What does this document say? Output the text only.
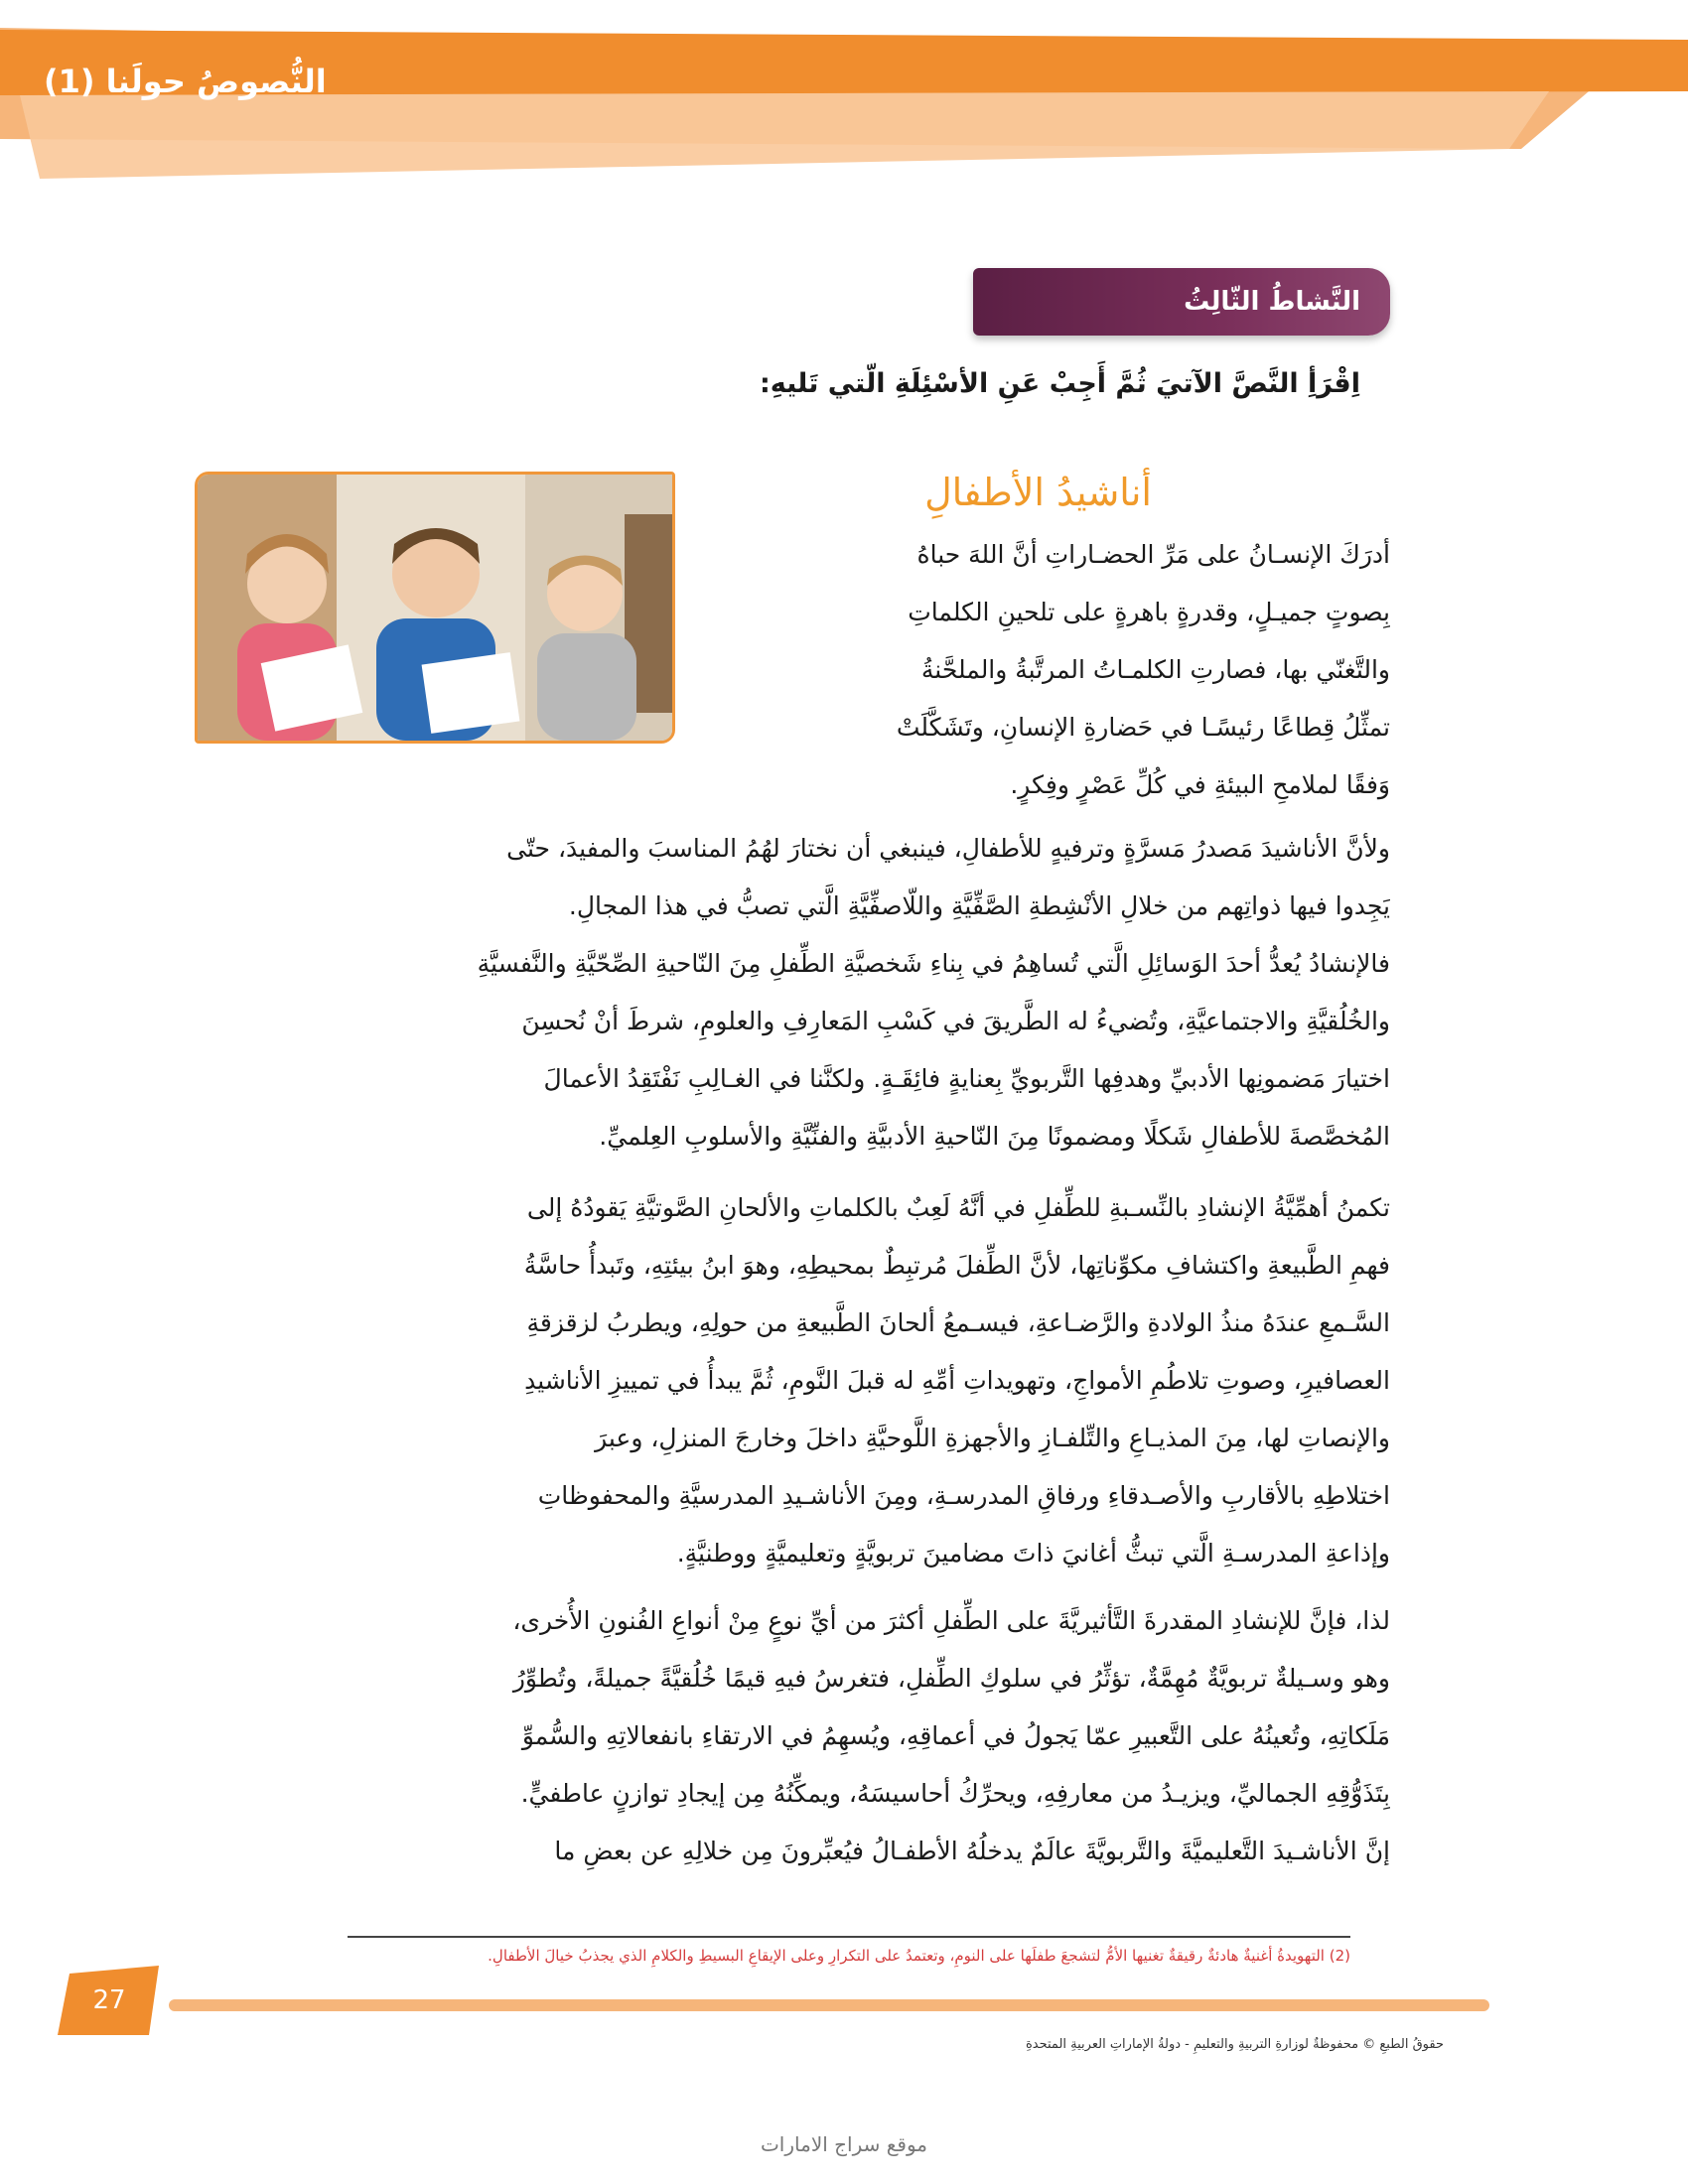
النُّصوصُ حولَنا (1)
النَّشاطُ الثّالِثُ
اِقْرَأِ النَّصَّ الآتيَ ثُمَّ أَجِبْ عَنِ الأسْئِلَةِ الّتي تَليهِ:
أناشيدُ الأطفالِ
أدرَكَ الإنسـانُ على مَرِّ الحضـاراتِ أنَّ اللهَ حباهُ
بِصوتٍ جميـلٍ، وقدرةٍ باهرةٍ على تلحينِ الكلماتِ
والتَّغنّي بها، فصارتِ الكلمـاتُ المرتَّبةُ والملحَّنةُ
تمثِّلُ قِطاعًا رئيسًـا في حَضارةِ الإنسانِ، وتَشَكَّلَتْ
وَفقًا لملامحِ البيئةِ في كُلِّ عَصْرٍ وفِكرٍ.
ولأنَّ الأناشيدَ مَصدرُ مَسرَّةٍ وترفيهٍ للأطفالِ، فينبغي أن نختارَ لهُمُ المناسبَ والمفيدَ، حتّى
يَجِدوا فيها ذواتِهم من خلالِ الأنْشِطةِ الصَّفِّيَّةِ واللّاصفِّيَّةِ الَّتي تصبُّ في هذا المجالِ.
فالإنشادُ يُعدُّ أحدَ الوَسائِلِ الَّتي تُساهِمُ في بِناءِ شَخصيَّةِ الطِّفلِ مِنَ النّاحيةِ الصِّحّيَّةِ والنَّفسيَّةِ
والخُلُقيَّةِ والاجتماعيَّةِ، وتُضيءُ له الطَّريقَ في كَسْبِ المَعارِفِ والعلومِ، شرطَ أنْ نُحسِنَ
اختيارَ مَضمونِها الأدبيِّ وهدفِها التَّربويِّ بِعنايةٍ فائِقَـةٍ. ولكنَّنا في الغـالِبِ نَفْتَقِدُ الأعمالَ
المُخصَّصةَ للأطفالِ شَكلًا ومضمونًا مِنَ النّاحيةِ الأدبيَّةِ والفنِّيَّةِ والأسلوبِ العِلميِّ.
تكمنُ أهمِّيَّةُ الإنشادِ بالنِّسـبةِ للطِّفلِ في أنَّهُ لَعِبٌ بالكلماتِ والألحانِ الصَّوتيَّةِ يَقودُهُ إلى
فهمِ الطَّبيعةِ واكتشافِ مكوِّناتِها، لأنَّ الطِّفلَ مُرتبِطٌ بمحيطِهِ، وهوَ ابنُ بيئتِهِ، وتَبدأُ حاسَّةُ
السَّـمعِ عندَهُ منذُ الولادةِ والرَّضـاعةِ، فيسـمعُ ألحانَ الطَّبيعةِ من حولِهِ، ويطربُ لزقزقةِ
العصافيرِ، وصوتِ تلاطُمِ الأمواجِ، وتهويداتِ أمِّهِ له قبلَ النَّومِ، ثُمَّ يبدأُ في تمييزِ الأناشيدِ
والإنصاتِ لها، مِنَ المذيـاعِ والتِّلفـازِ والأجهزةِ اللَّوحيَّةِ داخلَ وخارجَ المنزلِ، وعبرَ
اختلاطِهِ بالأقاربِ والأصـدقاءِ ورفاقِ المدرسـةِ، ومِنَ الأناشـيدِ المدرسيَّةِ والمحفوظاتِ
وإذاعةِ المدرسـةِ الَّتي تبثُّ أغانيَ ذاتَ مضامينَ تربويَّةٍ وتعليميَّةٍ ووطنيَّةٍ.
لذا، فإنَّ للإنشادِ المقدرةَ التَّأثيريَّةَ على الطِّفلِ أكثرَ من أيِّ نوعٍ مِنْ أنواعِ الفُنونِ الأُخرى،
وهو وسـيلةٌ تربويَّةٌ مُهِمَّةٌ، تؤثِّرُ في سلوكِ الطِّفلِ، فتغرسُ فيهِ قيمًا خُلُقيَّةً جميلةً، وتُطوِّرُ
مَلَكاتِهِ، وتُعينُهُ على التَّعبيرِ عمّا يَجولُ في أعماقِهِ، ويُسهِمُ في الارتقاءِ بانفعالاتِهِ والسُّموِّ
بِتَذَوُّقِهِ الجماليِّ، ويزيـدُ من معارفِهِ، ويحرِّكُ أحاسيسَهُ، ويمكِّنُهُ مِن إيجادِ توازنٍ عاطفيٍّ.
إنَّ الأناشـيدَ التَّعليميَّةَ والتَّربويَّةَ عالَمٌ يدخلُهُ الأطفـالُ فيُعبِّرونَ مِن خلالِهِ عن بعضِ ما
(2) التهويدةُ أغنيةٌ هادئةٌ رقيقةٌ تغنيها الأمُّ لتشجعَ طفلَها على النومِ، وتعتمدُ على التكرارِ وعلى الإيقاعِ البسيطِ والكلامِ الذي يجذبُ خيالَ الأطفالِ.
27
حقوقُ الطبعِ © محفوظةٌ لوزارةِ التربيةِ والتعليمِ - دولةُ الإماراتِ العربيةِ المتحدةِ
موقع سراج الامارات
